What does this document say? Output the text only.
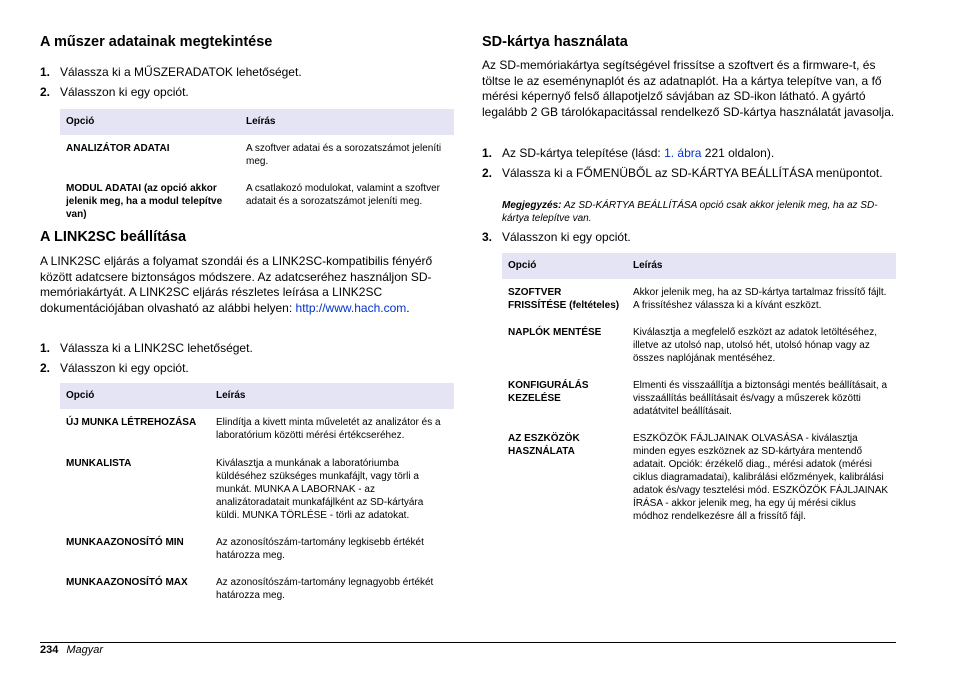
A műszer adatainak megtekintése
1. Válassza ki a MŰSZERADATOK lehetőséget.
2. Válasszon ki egy opciót.
Opció	Leírás
ANALIZÁTOR ADATAI	A szoftver adatai és a sorozatszámot jeleníti meg.
MODUL ADATAI (az opció akkor jelenik meg, ha a modul telepítve van)	A csatlakozó modulokat, valamint a szoftver adatait és a sorozatszámot jeleníti meg.
A LINK2SC beállítása

A LINK2SC eljárás a folyamat szondái és a LINK2SC-kompatibilis fényérő között adatcsere biztonságos módszere. Az adatcseréhez használjon SD-memóriakártyát. A LINK2SC eljárás részletes leírása a LINK2SC dokumentációjában olvasható az alábbi helyen: http://www.hach.com.

1. Válassza ki a LINK2SC lehetőséget.
2. Válasszon ki egy opciót.
Opció	Leírás
ÚJ MUNKA LÉTREHOZÁSA	Elindítja a kivett minta műveletét az analizátor és a laboratórium közötti mérési értékcseréhez.
MUNKALISTA	Kiválasztja a munkának a laboratóriumba küldéséhez szükséges munkafájlt, vagy törli a munkát. MUNKA A LABORNAK - az analizátoradatait munkafájlként az SD-kártyára küldi. MUNKA TÖRLÉSE - törli az adatokat.
MUNKAAZONOSÍTÓ MIN	Az azonosítószám-tartomány legkisebb értékét határozza meg.
MUNKAAZONOSÍTÓ MAX	Az azonosítószám-tartomány legnagyobb értékét határozza meg.
SD-kártya használata

Az SD-memóriakártya segítségével frissítse a szoftvert és a firmware-t, és töltse le az eseménynaplót és az adatnaplót. Ha a kártya telepítve van, a fő mérési képernyő felső állapotjelző sávjában az SD-ikon látható. A gyártó legalább 2 GB tárolókapacitással rendelkező SD-kártya használatát javasolja.

1. Az SD-kártya telepítése (lásd: 1. ábra 221 oldalon).
2. Válassza ki a FŐMENÜBŐL az SD-KÁRTYA BEÁLLÍTÁSA menüpontot.

Megjegyzés: Az SD-KÁRTYA BEÁLLÍTÁSA opció csak akkor jelenik meg, ha az SD-kártya telepítve van.

3. Válasszon ki egy opciót.
Opció	Leírás
SZOFTVER FRISSÍTÉSE (feltételes)	Akkor jelenik meg, ha az SD-kártya tartalmaz frissítő fájlt. A frissítéshez válassza ki a kívánt eszközt.
NAPLÓK MENTÉSE	Kiválasztja a megfelelő eszközt az adatok letöltéséhez, illetve az utolsó nap, utolsó hét, utolsó hónap vagy az összes naplójának mentéséhez.
KONFIGURÁLÁS KEZELÉSE	Elmenti és visszaállítja a biztonsági mentés beállításait, a visszaállítás beállításait és/vagy a műszerek közötti adatátvitel beállításait.
AZ ESZKÖZÖK HASZNÁLATA	ESZKÖZÖK FÁJLJAINAK OLVASÁSA - kiválasztja minden egyes eszköznek az SD-kártyára mentendő adatait. Opciók: érzékelő diag., mérési adatok (mérési ciklus diagramadatai), kalibrálási előzmények, kalibrálási adatok és/vagy tesztelési mód. ESZKÖZÖK FÁJLJAINAK ÍRÁSA - akkor jelenik meg, ha egy új mérési ciklus módhoz rendelkezésre áll a frissítő fájl.
234 Magyar
